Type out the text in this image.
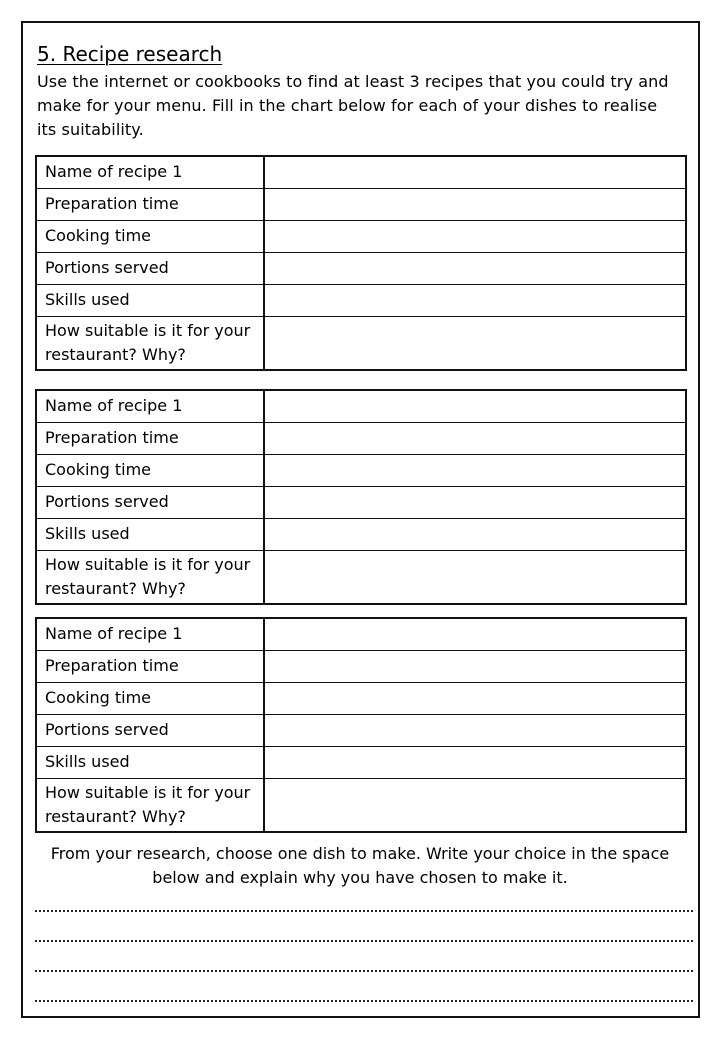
5. Recipe research
Use the internet or cookbooks to find at least 3 recipes that you could try and make for your menu. Fill in the chart below for each of your dishes to realise its suitability.
Name of recipe 1	
Preparation time	
Cooking time	
Portions served	
Skills used	
How suitable is it for your restaurant? Why?	
Name of recipe 1	
Preparation time	
Cooking time	
Portions served	
Skills used	
How suitable is it for your restaurant? Why?	
Name of recipe 1	
Preparation time	
Cooking time	
Portions served	
Skills used	
How suitable is it for your restaurant? Why?	
From your research, choose one dish to make. Write your choice in the space below and explain why you have chosen to make it.
